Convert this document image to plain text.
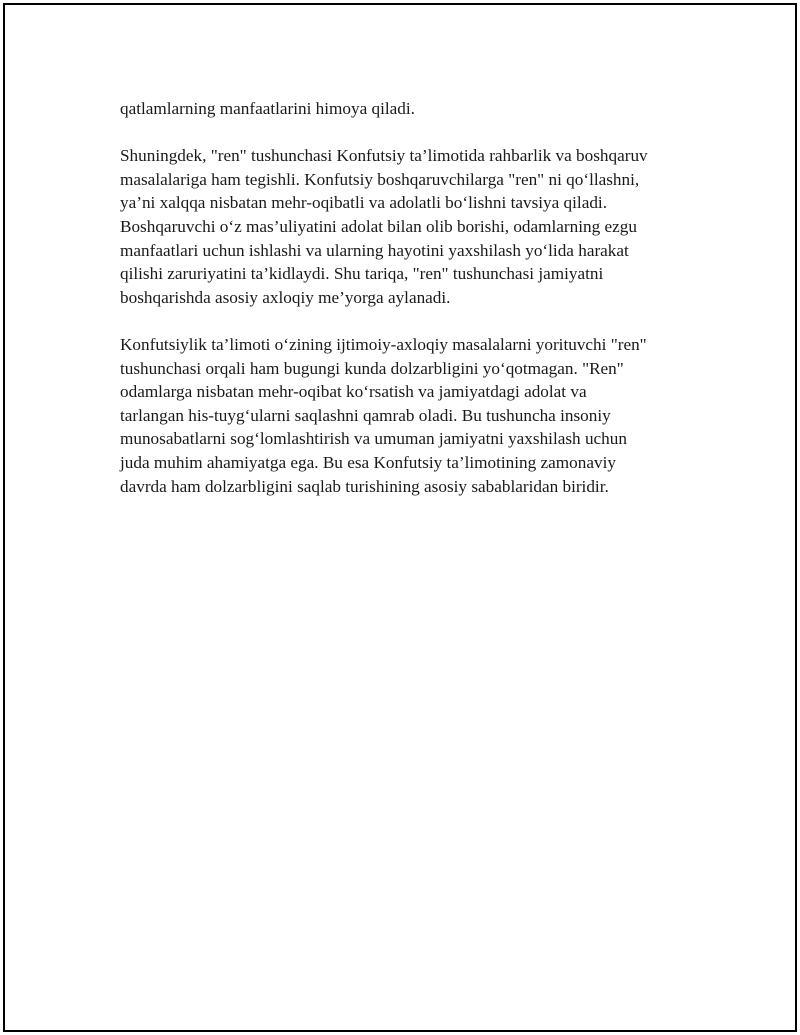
qatlamlarning manfaatlarini himoya qiladi.

Shuningdek, "ren" tushunchasi Konfutsiy ta’limotida rahbarlik va boshqaruv
masalalariga ham tegishli. Konfutsiy boshqaruvchilarga "ren" ni qo‘llashni,
ya’ni xalqqa nisbatan mehr-oqibatli va adolatli bo‘lishni tavsiya qiladi.
Boshqaruvchi o‘z mas’uliyatini adolat bilan olib borishi, odamlarning ezgu
manfaatlari uchun ishlashi va ularning hayotini yaxshilash yo‘lida harakat
qilishi zaruriyatini ta’kidlaydi. Shu tariqa, "ren" tushunchasi jamiyatni
boshqarishda asosiy axloqiy me’yorga aylanadi.

Konfutsiylik ta’limoti o‘zining ijtimoiy-axloqiy masalalarni yorituvchi "ren"
tushunchasi orqali ham bugungi kunda dolzarbligini yo‘qotmagan. "Ren"
odamlarga nisbatan mehr-oqibat ko‘rsatish va jamiyatdagi adolat va
tarlangan his-tuyg‘ularni saqlashni qamrab oladi. Bu tushuncha insoniy
munosabatlarni sog‘lomlashtirish va umuman jamiyatni yaxshilash uchun
juda muhim ahamiyatga ega. Bu esa Konfutsiy ta’limotining zamonaviy
davrda ham dolzarbligini saqlab turishining asosiy sabablaridan biridir.
